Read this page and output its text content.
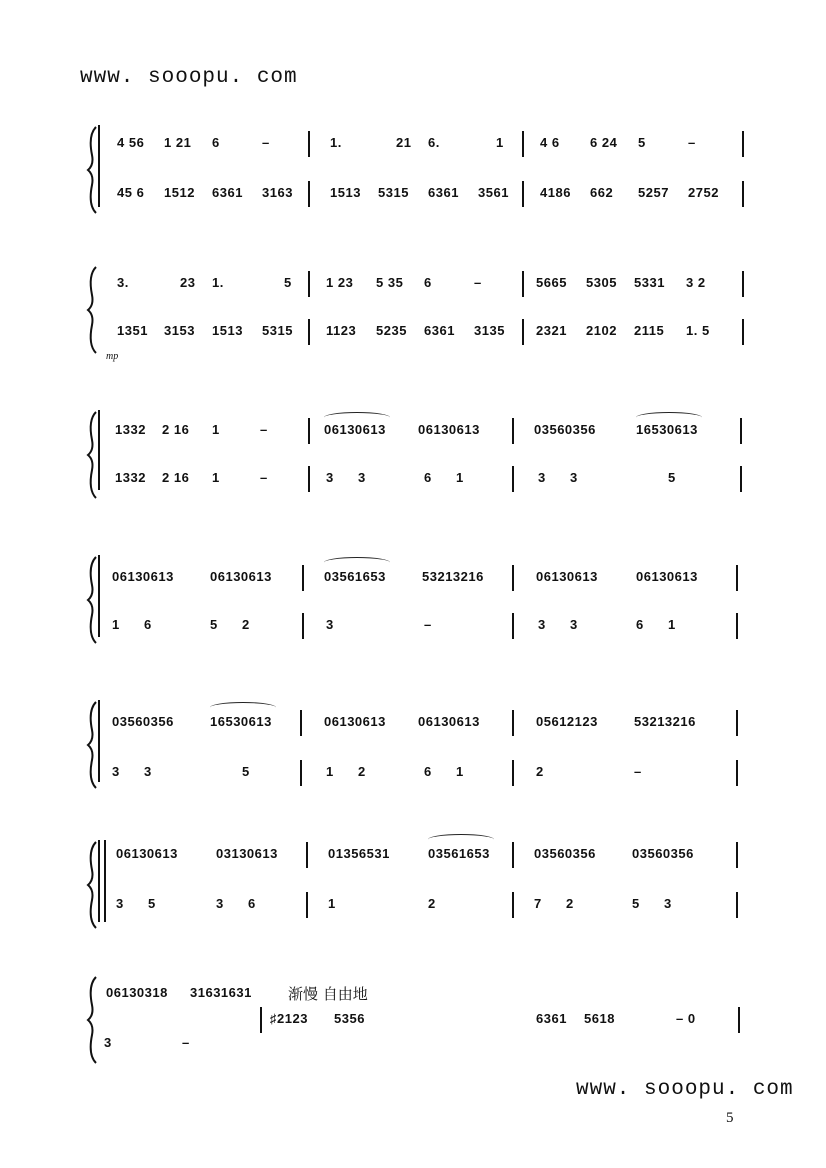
www. sooopu. com
4 56 1 21 6	–	1.	21 6.	1	4 6 6 24 5	–
45 6 1512 6361 3163	1513 5315 6361 3561 4186 662 5257 2752
3.	23 1.	5	1 23 5 35 6	–	5665 5305 5331 3 2
1351 3153 1513 5315	1123 5235 6361 3135 2321 2102 2115 1. 5
mp
1332 2 16 1	–	06130613 06130613	03560356	16530613
1332 2 16 1	–	3 3	6 1	3 3	5
06130613	06130613	03561653	53213216	06130613	06130613
1 6	5 2	3	–	3 3	6 1
03560356	16530613	06130613 06130613	05612123	53213216
3 3	5	1 2	6 1	2	–
06130613	03130613	01356531	03561653	03560356	03560356
3 5	3 6	1	2	7 2	5 3
06130318 31631631 渐慢 自由地
3	–
♯2123 5356	6361 5618	– 0
www. sooopu. com
5
